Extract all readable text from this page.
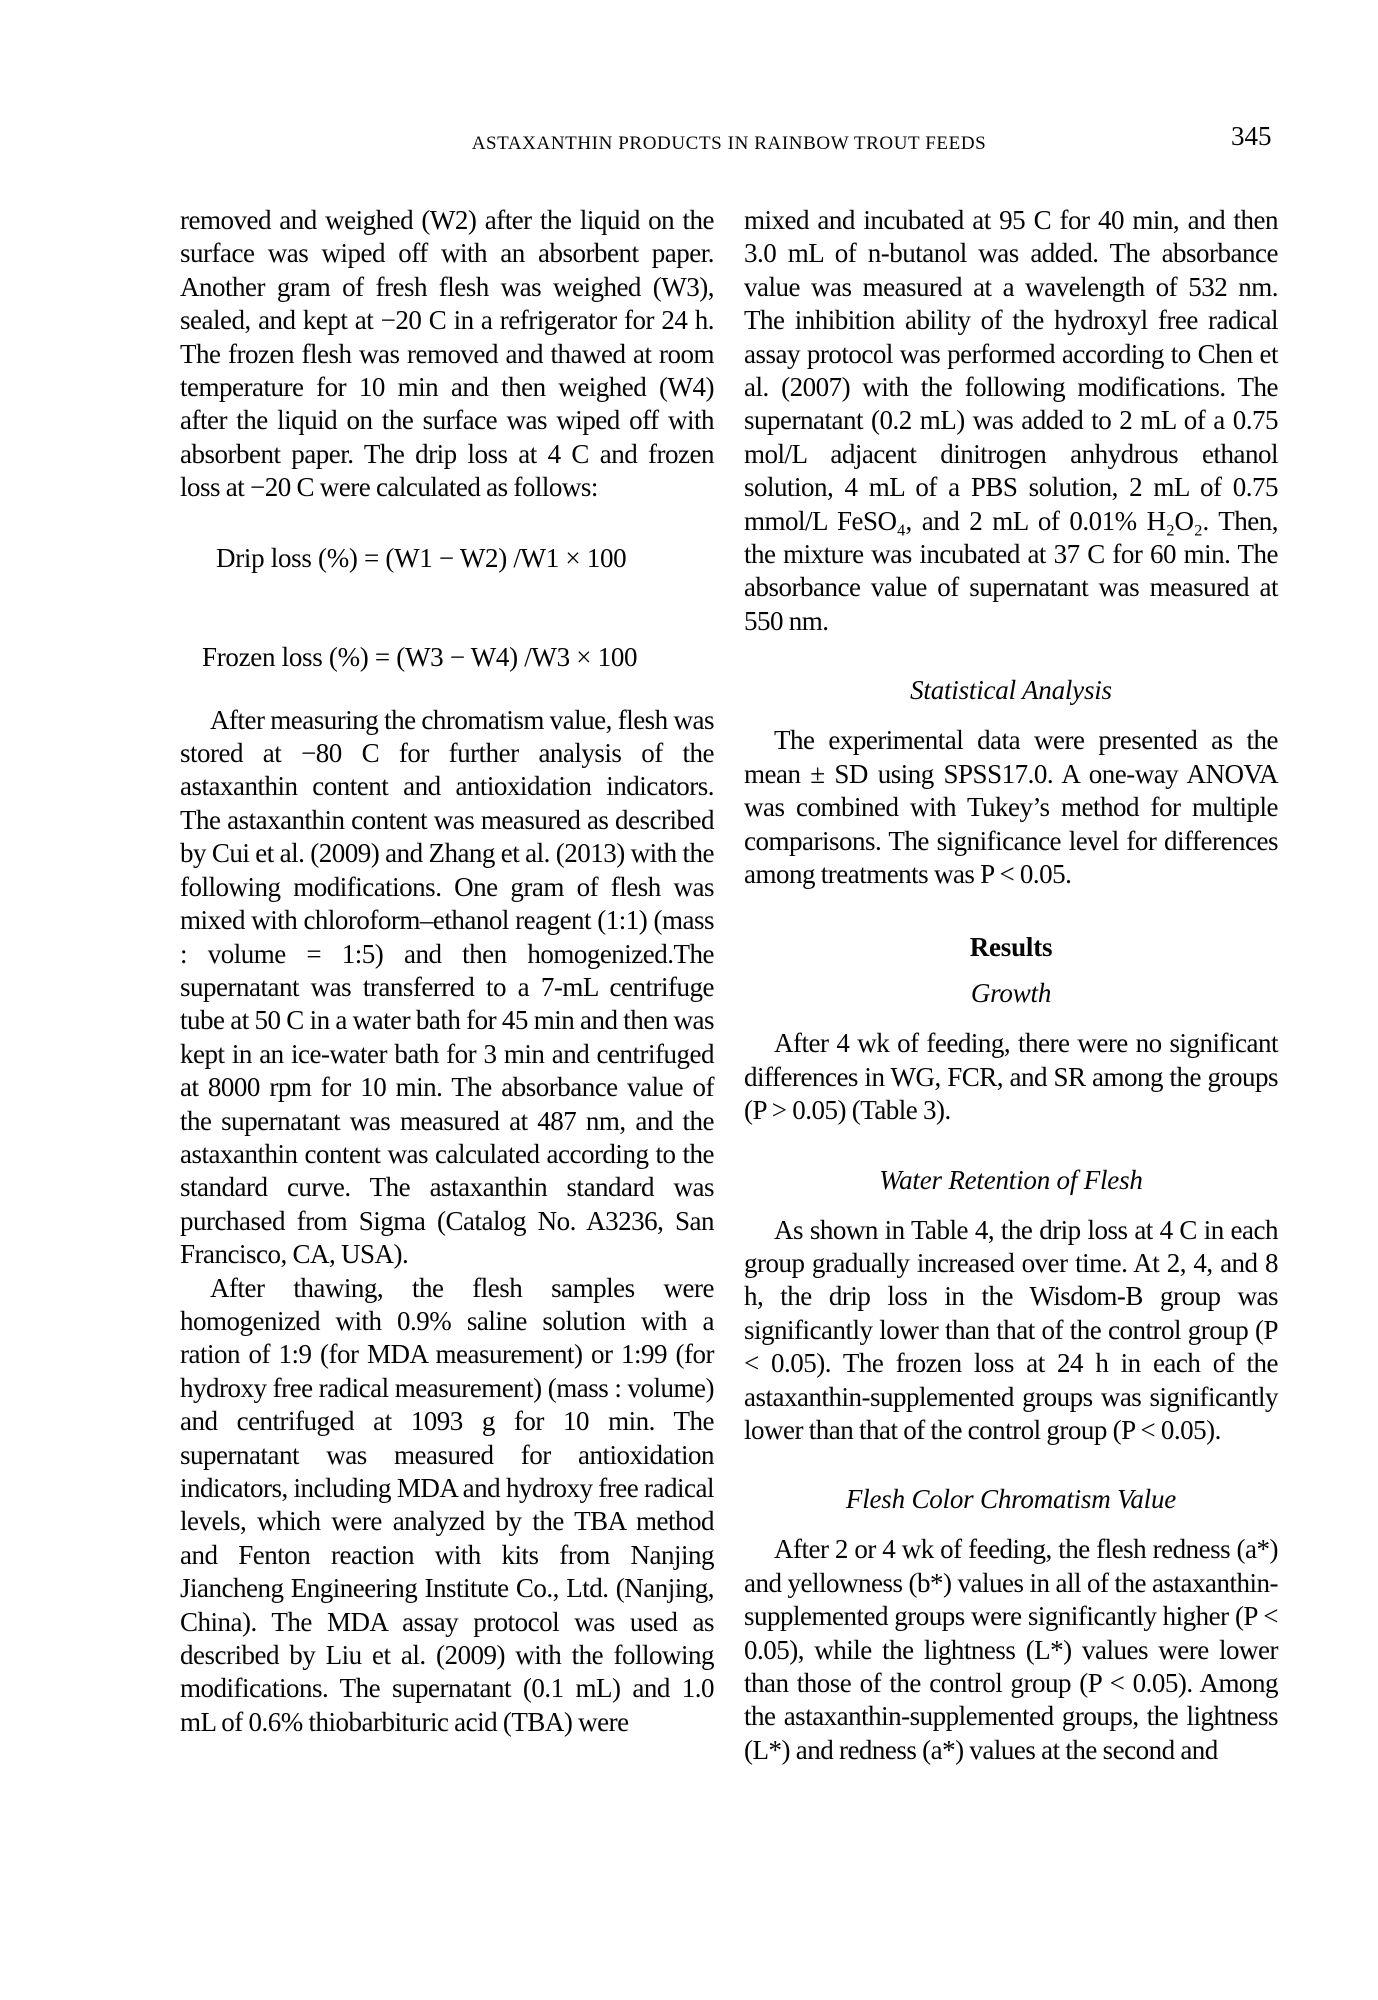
ASTAXANTHIN PRODUCTS IN RAINBOW TROUT FEEDS	345

removed and weighed (W2) after the liquid on the surface was wiped off with an absorbent paper. Another gram of fresh flesh was weighed (W3), sealed, and kept at −20 C in a refrigerator for 24 h. The frozen flesh was removed and thawed at room temperature for 10 min and then weighed (W4) after the liquid on the surface was wiped off with absorbent paper. The drip loss at 4 C and frozen loss at −20 C were calculated as follows:

Drip loss (%) = (W1 − W2) /W1 × 100
Frozen loss (%) = (W3 − W4) /W3 × 100

After measuring the chromatism value, flesh was stored at −80 C for further analysis of the astaxanthin content and antioxidation indicators. The astaxanthin content was measured as described by Cui et al. (2009) and Zhang et al. (2013) with the following modifications. One gram of flesh was mixed with chloroform–ethanol reagent (1:1) (mass : volume = 1:5) and then homogenized.The supernatant was transferred to a 7-mL centrifuge tube at 50 C in a water bath for 45 min and then was kept in an ice-water bath for 3 min and centrifuged at 8000 rpm for 10 min. The absorbance value of the supernatant was measured at 487 nm, and the astaxanthin content was calculated according to the standard curve. The astaxanthin standard was purchased from Sigma (Catalog No. A3236, San Francisco, CA, USA).

After thawing, the flesh samples were homogenized with 0.9% saline solution with a ration of 1:9 (for MDA measurement) or 1:99 (for hydroxy free radical measurement) (mass : volume) and centrifuged at 1093 g for 10 min. The supernatant was measured for antioxidation indicators, including MDA and hydroxy free radical levels, which were analyzed by the TBA method and Fenton reaction with kits from Nanjing Jiancheng Engineering Institute Co., Ltd. (Nanjing, China). The MDA assay protocol was used as described by Liu et al. (2009) with the following modifications. The supernatant (0.1 mL) and 1.0 mL of 0.6% thiobarbituric acid (TBA) were

mixed and incubated at 95 C for 40 min, and then 3.0 mL of n-butanol was added. The absorbance value was measured at a wavelength of 532 nm. The inhibition ability of the hydroxyl free radical assay protocol was performed according to Chen et al. (2007) with the following modifications. The supernatant (0.2 mL) was added to 2 mL of a 0.75 mol/L adjacent dinitrogen anhydrous ethanol solution, 4 mL of a PBS solution, 2 mL of 0.75 mmol/L FeSO₄, and 2 mL of 0.01% H₂O₂. Then, the mixture was incubated at 37 C for 60 min. The absorbance value of supernatant was measured at 550 nm.

Statistical Analysis

The experimental data were presented as the mean ± SD using SPSS17.0. A one-way ANOVA was combined with Tukey’s method for multiple comparisons. The significance level for differences among treatments was P < 0.05.

Results
Growth

After 4 wk of feeding, there were no significant differences in WG, FCR, and SR among the groups (P > 0.05) (Table 3).

Water Retention of Flesh

As shown in Table 4, the drip loss at 4 C in each group gradually increased over time. At 2, 4, and 8 h, the drip loss in the Wisdom-B group was significantly lower than that of the control group (P < 0.05). The frozen loss at 24 h in each of the astaxanthin-supplemented groups was significantly lower than that of the control group (P < 0.05).

Flesh Color Chromatism Value

After 2 or 4 wk of feeding, the flesh redness (a*) and yellowness (b*) values in all of the astaxanthin-supplemented groups were significantly higher (P < 0.05), while the lightness (L*) values were lower than those of the control group (P < 0.05). Among the astaxanthin-supplemented groups, the lightness (L*) and redness (a*) values at the second and
